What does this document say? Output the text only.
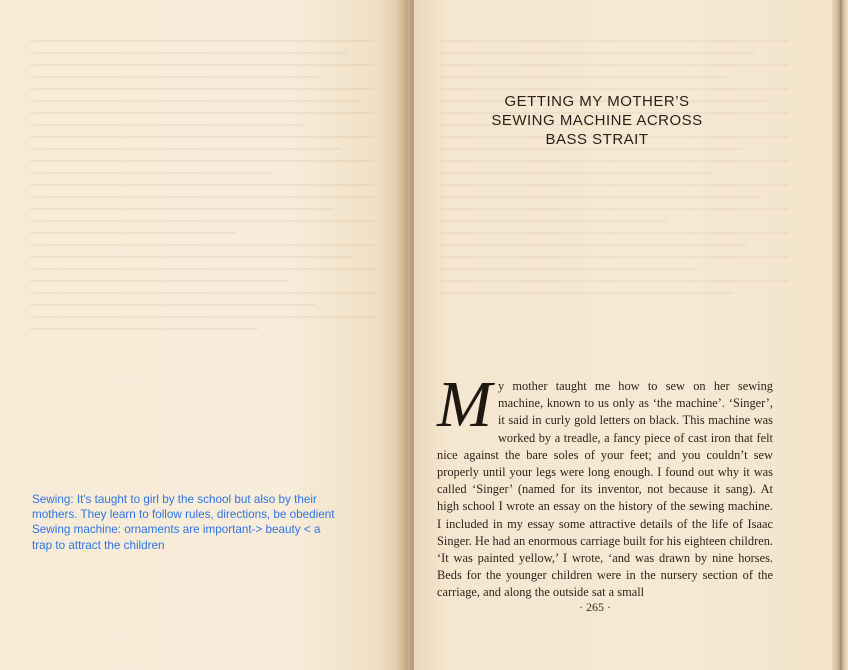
GETTING MY MOTHER’S
SEWING MACHINE ACROSS
BASS STRAIT
M y mother taught me how to sew on her sewing machine, known to us only as ‘the machine’. ‘Singer’, it said in curly gold letters on black. This machine was worked by a treadle, a fancy piece of cast iron that felt nice against the bare soles of your feet; and you couldn’t sew properly until your legs were long enough. I found out why it was called ‘Singer’ (named for its inventor, not because it sang). At high school I wrote an essay on the history of the sewing machine. I included in my essay some attractive details of the life of Isaac Singer. He had an enormous carriage built for his eighteen children. ‘It was painted yellow,’ I wrote, ‘and was drawn by nine horses. Beds for the younger children were in the nursery section of the carriage, and along the outside sat a small
· 265 ·
Sewing: It's taught to girl by the school but also by their
mothers. They learn to follow rules, directions, be obedient
Sewing machine: ornaments are important-> beauty < a
trap to attract the children
